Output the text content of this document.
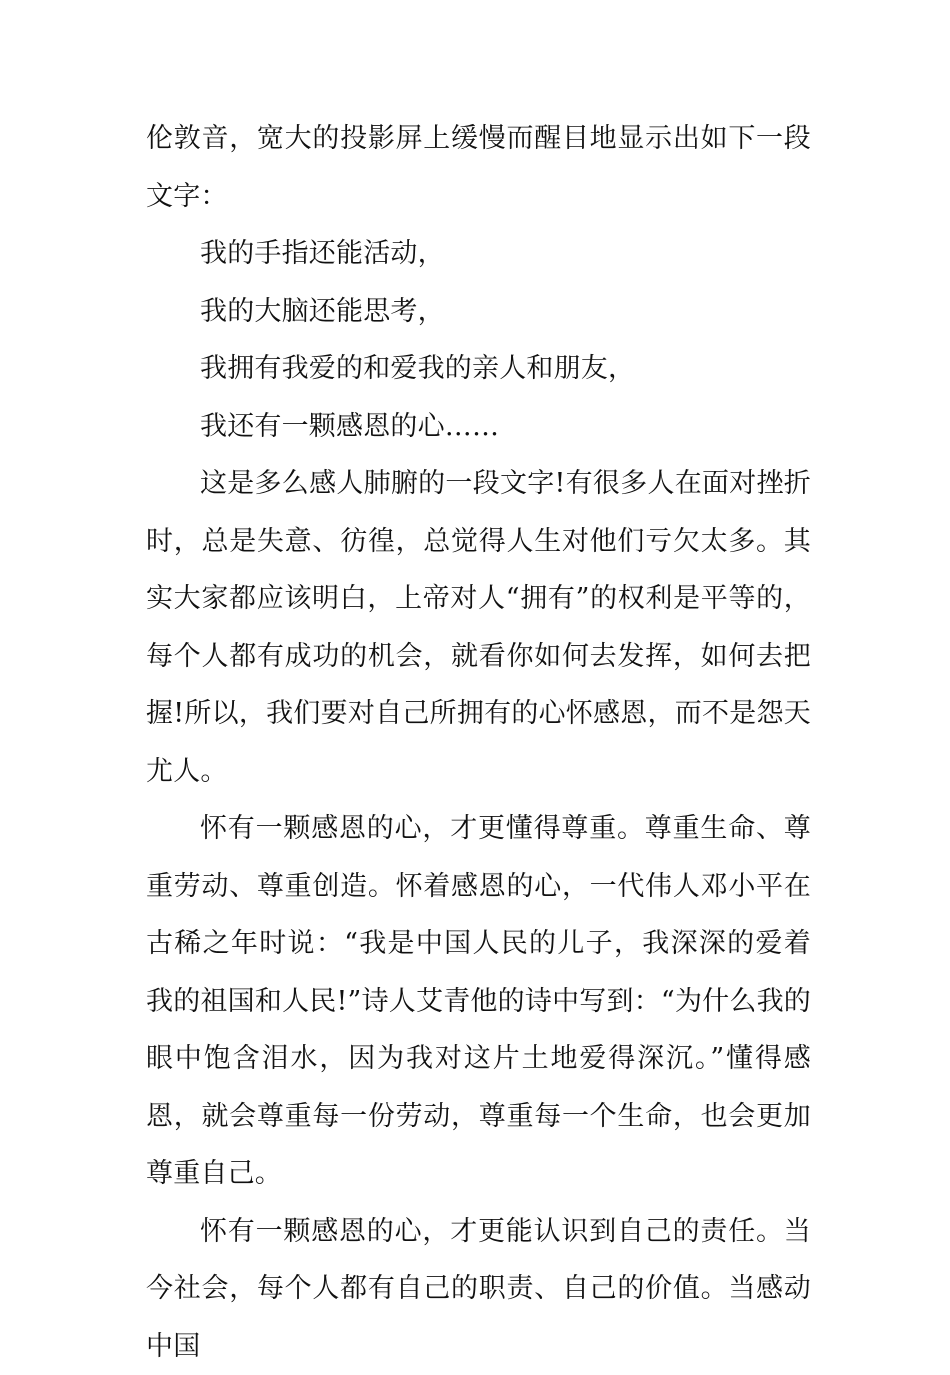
伦敦音，宽大的投影屏上缓慢而醒目地显示出如下一段文字：

我的手指还能活动，

我的大脑还能思考，

我拥有我爱的和爱我的亲人和朋友，

我还有一颗感恩的心……

这是多么感人肺腑的一段文字!有很多人在面对挫折时，总是失意、彷徨，总觉得人生对他们亏欠太多。其实大家都应该明白，上帝对人“拥有”的权利是平等的，每个人都有成功的机会，就看你如何去发挥，如何去把握!所以，我们要对自己所拥有的心怀感恩，而不是怨天尤人。

怀有一颗感恩的心，才更懂得尊重。尊重生命、尊重劳动、尊重创造。怀着感恩的心，一代伟人邓小平在古稀之年时说：“我是中国人民的儿子，我深深的爱着我的祖国和人民!”诗人艾青他的诗中写到：“为什么我的眼中饱含泪水，因为我对这片土地爱得深沉。”懂得感恩，就会尊重每一份劳动，尊重每一个生命，也会更加尊重自己。

怀有一颗感恩的心，才更能认识到自己的责任。当今社会，每个人都有自己的职责、自己的价值。当感动中国
